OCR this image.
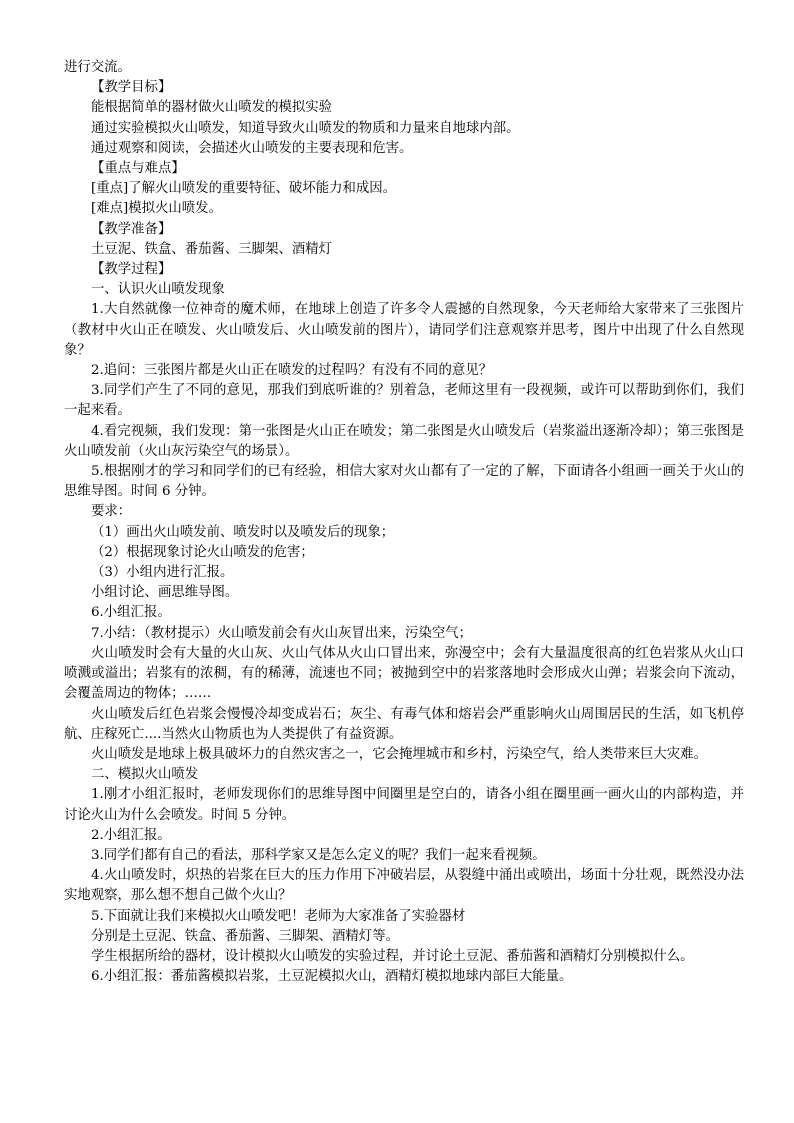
进行交流。

【教学目标】

能根据简单的器材做火山喷发的模拟实验

通过实验模拟火山喷发，知道导致火山喷发的物质和力量来自地球内部。

通过观察和阅读，会描述火山喷发的主要表现和危害。

【重点与难点】

[重点]了解火山喷发的重要特征、破坏能力和成因。

[难点]模拟火山喷发。

【教学准备】

土豆泥、铁盒、番茄酱、三脚架、酒精灯

【教学过程】

一、认识火山喷发现象

1.大自然就像一位神奇的魔术师，在地球上创造了许多令人震撼的自然现象，今天老师给大家带来了三张图片（教材中火山正在喷发、火山喷发后、火山喷发前的图片），请同学们注意观察并思考，图片中出现了什么自然现象？

2.追问：三张图片都是火山正在喷发的过程吗？有没有不同的意见？

3.同学们产生了不同的意见，那我们到底听谁的？别着急，老师这里有一段视频，或许可以帮助到你们，我们一起来看。

4.看完视频，我们发现：第一张图是火山正在喷发；第二张图是火山喷发后（岩浆溢出逐渐冷却）；第三张图是火山喷发前（火山灰污染空气的场景）。

5.根据刚才的学习和同学们的已有经验，相信大家对火山都有了一定的了解，下面请各小组画一画关于火山的思维导图。时间 6 分钟。

要求：

（1）画出火山喷发前、喷发时以及喷发后的现象；

（2）根据现象讨论火山喷发的危害；

（3）小组内进行汇报。

小组讨论、画思维导图。

6.小组汇报。

7.小结：（教材提示）火山喷发前会有火山灰冒出来，污染空气；

火山喷发时会有大量的火山灰、火山气体从火山口冒出来，弥漫空中；会有大量温度很高的红色岩浆从火山口喷溅或溢出；岩浆有的浓稠，有的稀薄，流速也不同；被抛到空中的岩浆落地时会形成火山弹；岩浆会向下流动，会覆盖周边的物体；……

火山喷发后红色岩浆会慢慢冷却变成岩石；灰尘、有毒气体和熔岩会严重影响火山周围居民的生活，如飞机停航、庄稼死亡....当然火山物质也为人类提供了有益资源。

火山喷发是地球上极具破坏力的自然灾害之一，它会掩埋城市和乡村，污染空气，给人类带来巨大灾难。

二、模拟火山喷发

1.刚才小组汇报时，老师发现你们的思维导图中间圈里是空白的，请各小组在圈里画一画火山的内部构造，并讨论火山为什么会喷发。时间 5 分钟。

2.小组汇报。

3.同学们都有自己的看法，那科学家又是怎么定义的呢？我们一起来看视频。

4.火山喷发时，炽热的岩浆在巨大的压力作用下冲破岩层，从裂缝中涌出或喷出，场面十分壮观，既然没办法实地观察，那么想不想自己做个火山？

5.下面就让我们来模拟火山喷发吧！老师为大家准备了实验器材

分别是土豆泥、铁盒、番茄酱、三脚架、酒精灯等。

学生根据所给的器材，设计模拟火山喷发的实验过程，并讨论土豆泥、番茄酱和酒精灯分别模拟什么。

6.小组汇报：番茄酱模拟岩浆，土豆泥模拟火山，酒精灯模拟地球内部巨大能量。
